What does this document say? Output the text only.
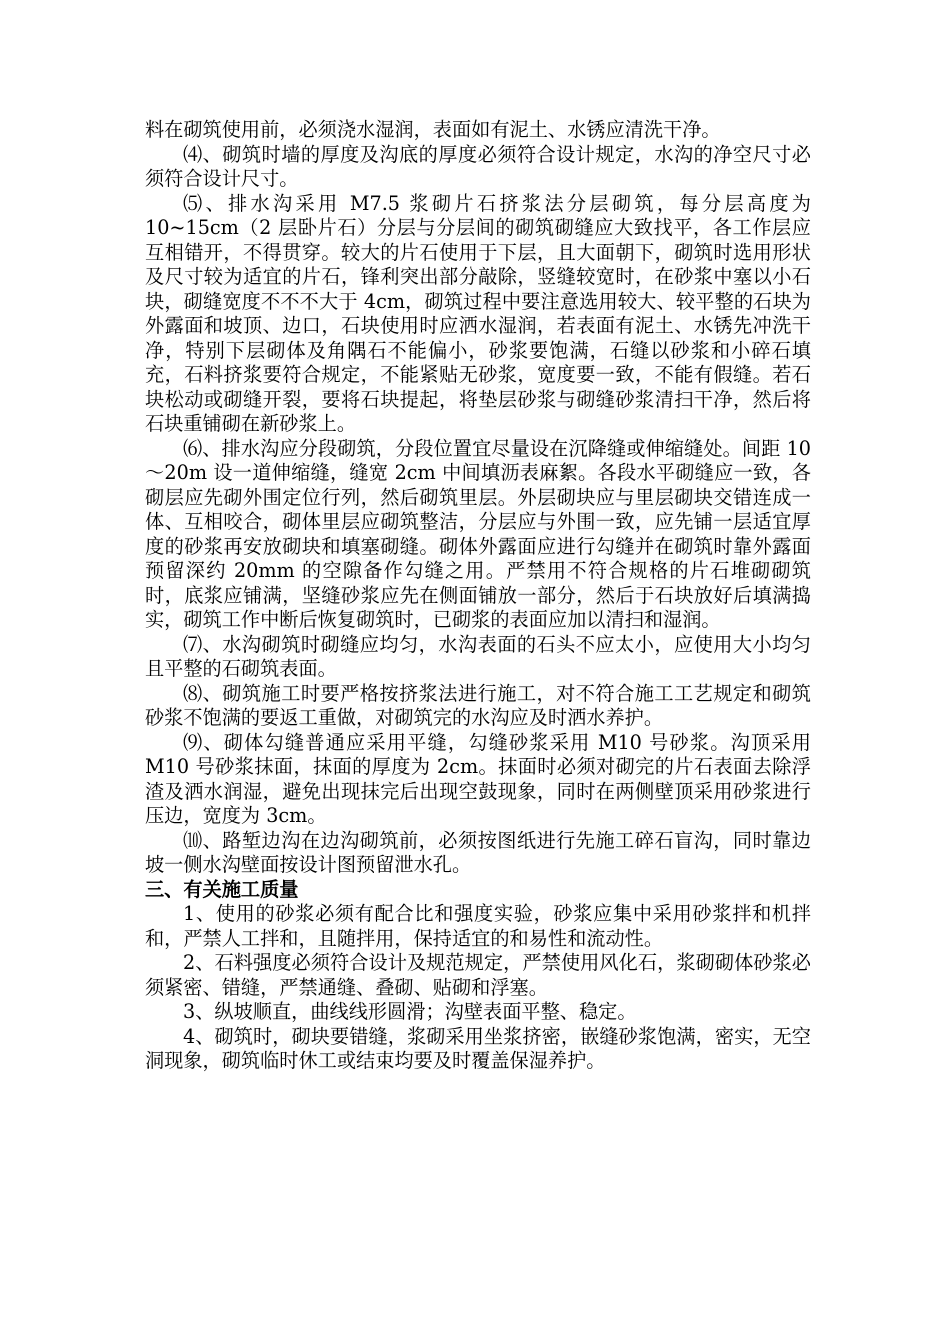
料在砌筑使用前，必须浇水湿润，表面如有泥土、水锈应清洗干净。

⑷、砌筑时墙的厚度及沟底的厚度必须符合设计规定，水沟的净空尺寸必须符合设计尺寸。

⑸、排水沟采用 M7.5 浆砌片石挤浆法分层砌筑，每分层高度为 10~15cm（2 层卧片石）分层与分层间的砌筑砌缝应大致找平，各工作层应互相错开，不得贯穿。较大的片石使用于下层，且大面朝下，砌筑时选用形状及尺寸较为适宜的片石，锋利突出部分敲除，竖缝较宽时，在砂浆中塞以小石块，砌缝宽度不不不大于 4cm，砌筑过程中要注意选用较大、较平整的石块为外露面和坡顶、边口，石块使用时应洒水湿润，若表面有泥土、水锈先冲洗干净，特别下层砌体及角隅石不能偏小，砂浆要饱满，石缝以砂浆和小碎石填充，石料挤浆要符合规定，不能紧贴无砂浆，宽度要一致，不能有假缝。若石块松动或砌缝开裂，要将石块提起，将垫层砂浆与砌缝砂浆清扫干净，然后将石块重铺砌在新砂浆上。

⑹、排水沟应分段砌筑，分段位置宜尽量设在沉降缝或伸缩缝处。间距 10～20m 设一道伸缩缝，缝宽 2cm 中间填沥表麻絮。各段水平砌缝应一致，各砌层应先砌外围定位行列，然后砌筑里层。外层砌块应与里层砌块交错连成一体、互相咬合，砌体里层应砌筑整洁，分层应与外围一致，应先铺一层适宜厚度的砂浆再安放砌块和填塞砌缝。砌体外露面应进行勾缝并在砌筑时靠外露面预留深约 20mm 的空隙备作勾缝之用。严禁用不符合规格的片石堆砌砌筑时，底浆应铺满，坚缝砂浆应先在侧面铺放一部分，然后于石块放好后填满捣实，砌筑工作中断后恢复砌筑时，已砌浆的表面应加以清扫和湿润。

⑺、水沟砌筑时砌缝应均匀，水沟表面的石头不应太小，应使用大小均匀且平整的石砌筑表面。

⑻、砌筑施工时要严格按挤浆法进行施工，对不符合施工工艺规定和砌筑砂浆不饱满的要返工重做，对砌筑完的水沟应及时洒水养护。

⑼、砌体勾缝普通应采用平缝，勾缝砂浆采用 M10 号砂浆。沟顶采用 M10 号砂浆抹面，抹面的厚度为 2cm。抹面时必须对砌完的片石表面去除浮渣及洒水润湿，避免出现抹完后出现空鼓现象，同时在两侧壁顶采用砂浆进行压边，宽度为 3cm。

⑽、路堑边沟在边沟砌筑前，必须按图纸进行先施工碎石盲沟，同时靠边坡一侧水沟壁面按设计图预留泄水孔。

三、有关施工质量

1、使用的砂浆必须有配合比和强度实验，砂浆应集中采用砂浆拌和机拌和，严禁人工拌和，且随拌用，保持适宜的和易性和流动性。

2、石料强度必须符合设计及规范规定，严禁使用风化石，浆砌砌体砂浆必须紧密、错缝，严禁通缝、叠砌、贴砌和浮塞。

3、纵坡顺直，曲线线形圆滑；沟壁表面平整、稳定。

4、砌筑时，砌块要错缝，浆砌采用坐浆挤密，嵌缝砂浆饱满，密实，无空洞现象，砌筑临时休工或结束均要及时覆盖保湿养护。
